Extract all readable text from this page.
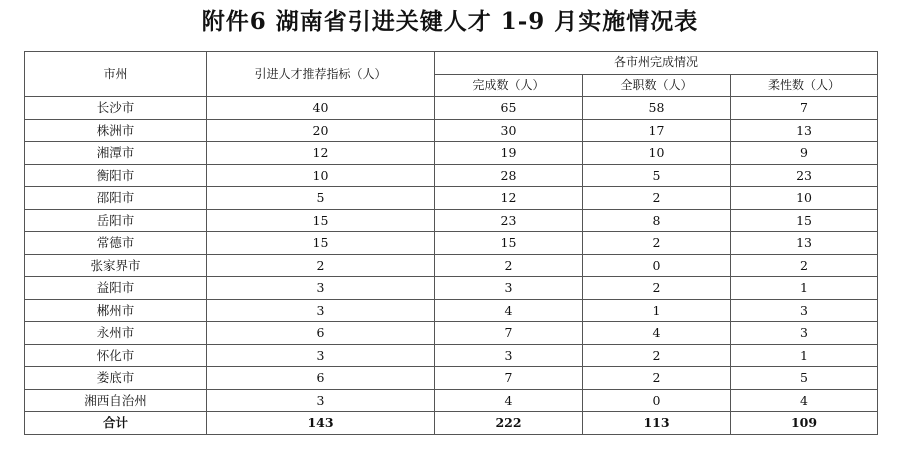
附件6 湖南省引进关键人才 1-9 月实施情况表
市州	引进人才推荐指标（人）	各市州完成情况		
		完成数（人）	全职数（人）	柔性数（人）
长沙市	40	65	58	7
株洲市	20	30	17	13
湘潭市	12	19	10	9
衡阳市	10	28	5	23
邵阳市	5	12	2	10
岳阳市	15	23	8	15
常德市	15	15	2	13
张家界市	2	2	0	2
益阳市	3	3	2	1
郴州市	3	4	1	3
永州市	6	7	4	3
怀化市	3	3	2	1
娄底市	6	7	2	5
湘西自治州	3	4	0	4
合计	143	222	113	109
